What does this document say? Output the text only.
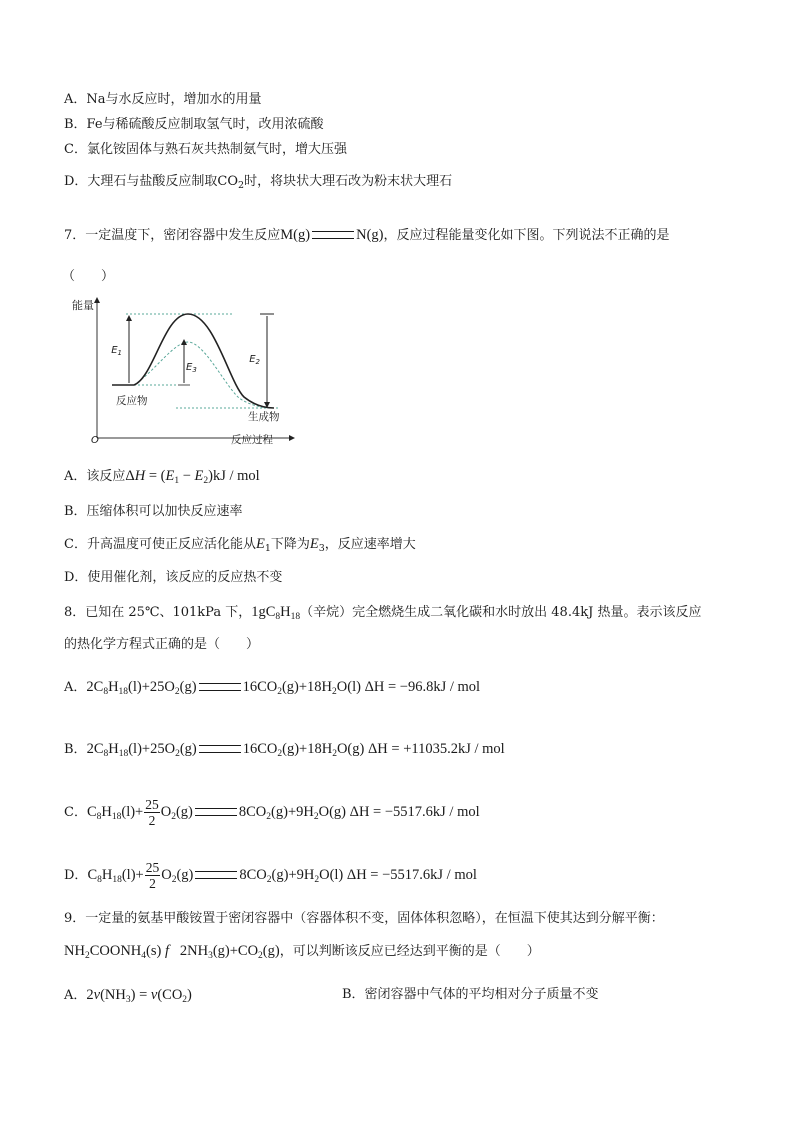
A．Na与水反应时，增加水的用量
B．Fe与稀硫酸反应制取氢气时，改用浓硫酸
C．氯化铵固体与熟石灰共热制氨气时，增大压强
D．大理石与盐酸反应制取$CO_2$时，将块状大理石改为粉末状大理石
7．一定温度下，密闭容器中发生反应M(g)	N(g)，反应过程能量变化如下图。下列说法不正确的是
（　　）
能量
O	反应过程
$E_1$
$E_3$
$E_2$
反应物
生成物
A．该反应$\Delta H = (E_1 - E_2)kJ$ / mol
B．压缩体积可以加快反应速率
C．升高温度可使正反应活化能从$E_1$下降为$E_3$，反应速率增大
D．使用催化剂，该反应的反应热不变
8．已知在 25℃、101kPa 下，$1gC_8H_{18}$（辛烷）完全燃烧生成二氧化碳和水时放出 48.4kJ 热量。表示该反应
的热化学方程式正确的是（　　）
A．$2C_8H_{18}(l)+25O_2(g)$	$16CO_2(g)+18H_2O(l) \Delta H = -96.8kJ$ / mol
B．$2C_8H_{18}(l)+25O_2(g)$	$16CO_2(g)+18H_2O(g) \Delta H = +11035.2kJ$ / mol
C．$C_8H_{18}(l)+ \frac{25}{2} O_2(g)$	$8CO_2(g)+9H_2O(g) \Delta H = -5517.6kJ$ / mol
D．$C_8H_{18}(l)+ \frac{25}{2} O_2(g)$	$8CO_2(g)+9H_2O(l) \Delta H = -5517.6kJ$ / mol
9．一定量的氨基甲酸铵置于密闭容器中（容器体积不变，固体体积忽略），在恒温下使其达到分解平衡：
$NH_2COONH_4(s)$ f   $2NH_3(g)+CO_2(g)$，可以判断该反应已经达到平衡的是（　　）
A．$2v(NH_3) = v(CO_2)$	B．密闭容器中气体的平均相对分子质量不变
